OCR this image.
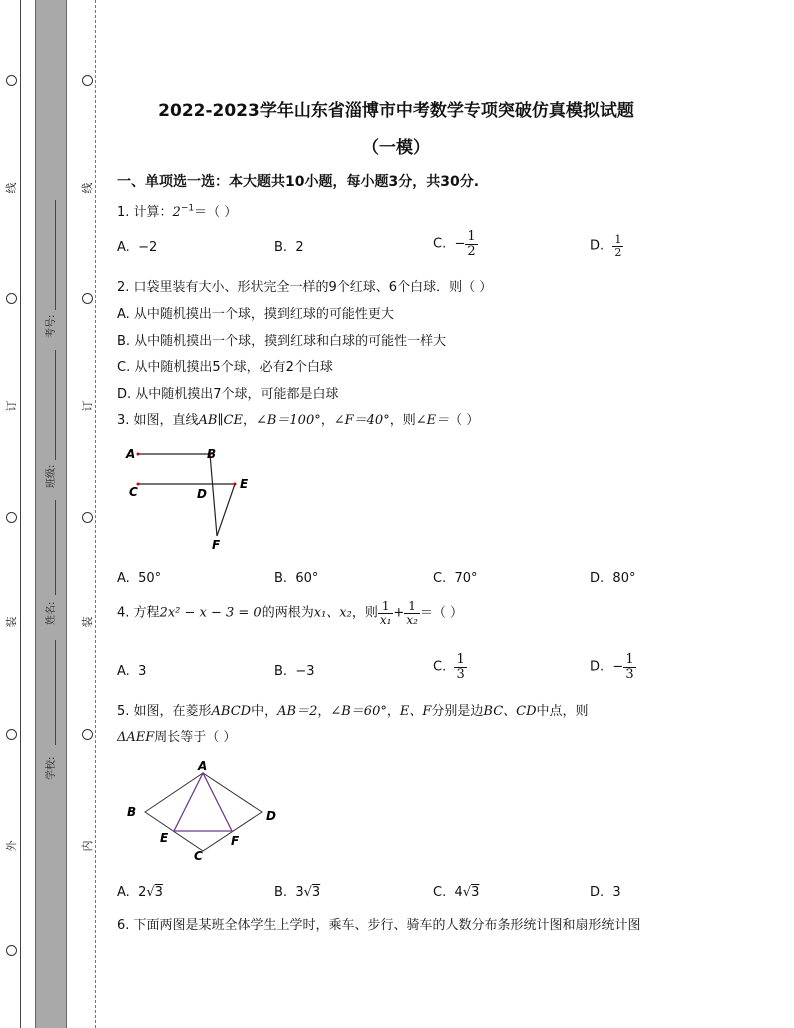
线
订
装
外
线
订
装
内
考号:
班级:
姓名:
学校:
2022-2023学年山东省淄博市中考数学专项突破仿真模拟试题
（一模）
一、单项选一选：本大题共10小题，每小题3分，共30分.
1. 计算：$2^{-1}=$（ ）
A. −2	B. 2	C. − $\frac{1}{2}$	D. $\frac{1}{2}$
2. 口袋里装有大小、形状完全一样的9个红球、6个白球．则（ ）
A. 从中随机摸出一个球，摸到红球的可能性更大
B. 从中随机摸出一个球，摸到红球和白球的可能性一样大
C. 从中随机摸出5个球，必有2个白球
D. 从中随机摸出7个球，可能都是白球
3. 如图，直线AB∥CE，∠B＝100°，∠F＝40°，则∠E＝（ ）
A	B
C	D
E
F
A. 50°	B. 60°	C. 70°	D. 80°
4. 方程2x² − x − 3 = 0的两根为x₁、x₂，则 $\frac{1}{\text{x₁}} + \frac{1}{\text{x₂}}$ ＝（ ）
A. 3	B. −3	C. $\frac{1}{3}$	D. − $\frac{1}{3}$
5. 如图，在菱形ABCD中，AB＝2，∠B＝60°，E、F分别是边BC、CD中点，则
ΔAEF周长等于（ ）
A
B	D
E	F
C
A. 2√3	B. 3√3	C. 4√3	D. 3
6. 下面两图是某班全体学生上学时，乘车、步行、骑车的人数分布条形统计图和扇形统计图
